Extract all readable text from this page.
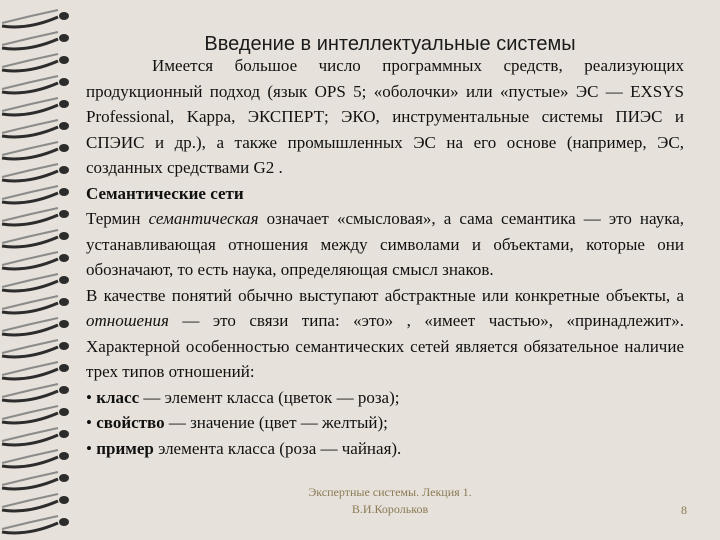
Введение в интеллектуальные системы

Имеется большое число программных средств, реализующих продукционный подход (язык OPS 5; «оболочки» или «пустые» ЭС — EXSYS Professional, Kappa, ЭКСПЕРТ; ЭКО, инструментальные системы ПИЭС и СПЭИС и др.), а также промышленных ЭС на его основе (например, ЭС, созданных средствами G2 .

Семантические сети

Термин семантическая означает «смысловая», а сама семантика — это наука, устанавливающая отношения между символами и объектами, которые они обозначают, то есть наука, определяющая смысл знаков.

В качестве понятий обычно выступают абстрактные или конкретные объекты, а отношения — это связи типа: «это» , «имеет частью», «принадлежит». Характерной особенностью семантических сетей является обязательное наличие трех типов отношений:

• класс — элемент класса (цветок — роза);

• свойство — значение (цвет — желтый);

• пример элемента класса (роза — чайная).

Экспертные системы. Лекция 1.
В.И.Корольков	8
